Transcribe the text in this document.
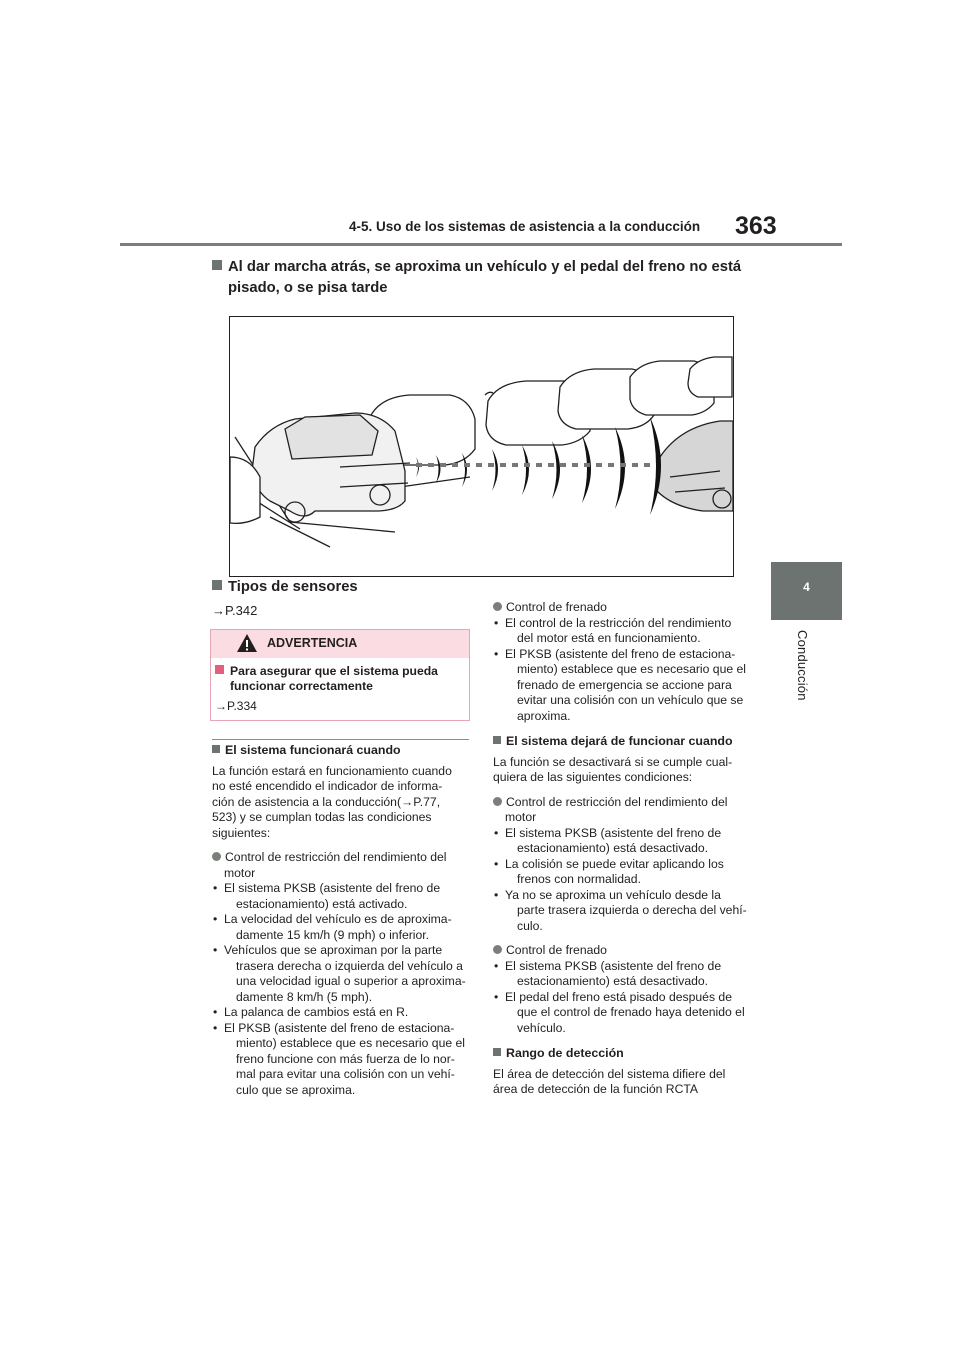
4-5. Uso de los sistemas de asistencia a la conducción 363
4
Conducción
Al dar marcha atrás, se aproxima un vehículo y el pedal del freno no está
pisado, o se pisa tarde
Tipos de sensores
→P.342
ADVERTENCIA
Para asegurar que el sistema pueda
funcionar correctamente
→P.334
El sistema funcionará cuando
La función estará en funcionamiento cuando
no esté encendido el indicador de informa-
ción de asistencia a la conducción(→P.77,
523) y se cumplan todas las condiciones
siguientes:
Control de restricción del rendimiento del
motor
• El sistema PKSB (asistente del freno de
estacionamiento) está activado.
• La velocidad del vehículo es de aproxima-
damente 15 km/h (9 mph) o inferior.
• Vehículos que se aproximan por la parte
trasera derecha o izquierda del vehículo a
una velocidad igual o superior a aproxima-
damente 8 km/h (5 mph).
• La palanca de cambios está en R.
• El PKSB (asistente del freno de estaciona-
miento) establece que es necesario que el
freno funcione con más fuerza de lo nor-
mal para evitar una colisión con un vehí-
culo que se aproxima.
Control de frenado
• El control de la restricción del rendimiento
del motor está en funcionamiento.
• El PKSB (asistente del freno de estaciona-
miento) establece que es necesario que el
frenado de emergencia se accione para
evitar una colisión con un vehículo que se
aproxima.
El sistema dejará de funcionar cuando
La función se desactivará si se cumple cual-
quiera de las siguientes condiciones:
Control de restricción del rendimiento del
motor
• El sistema PKSB (asistente del freno de
estacionamiento) está desactivado.
• La colisión se puede evitar aplicando los
frenos con normalidad.
• Ya no se aproxima un vehículo desde la
parte trasera izquierda o derecha del vehí-
culo.
Control de frenado
• El sistema PKSB (asistente del freno de
estacionamiento) está desactivado.
• El pedal del freno está pisado después de
que el control de frenado haya detenido el
vehículo.
Rango de detección
El área de detección del sistema difiere del
área de detección de la función RCTA
